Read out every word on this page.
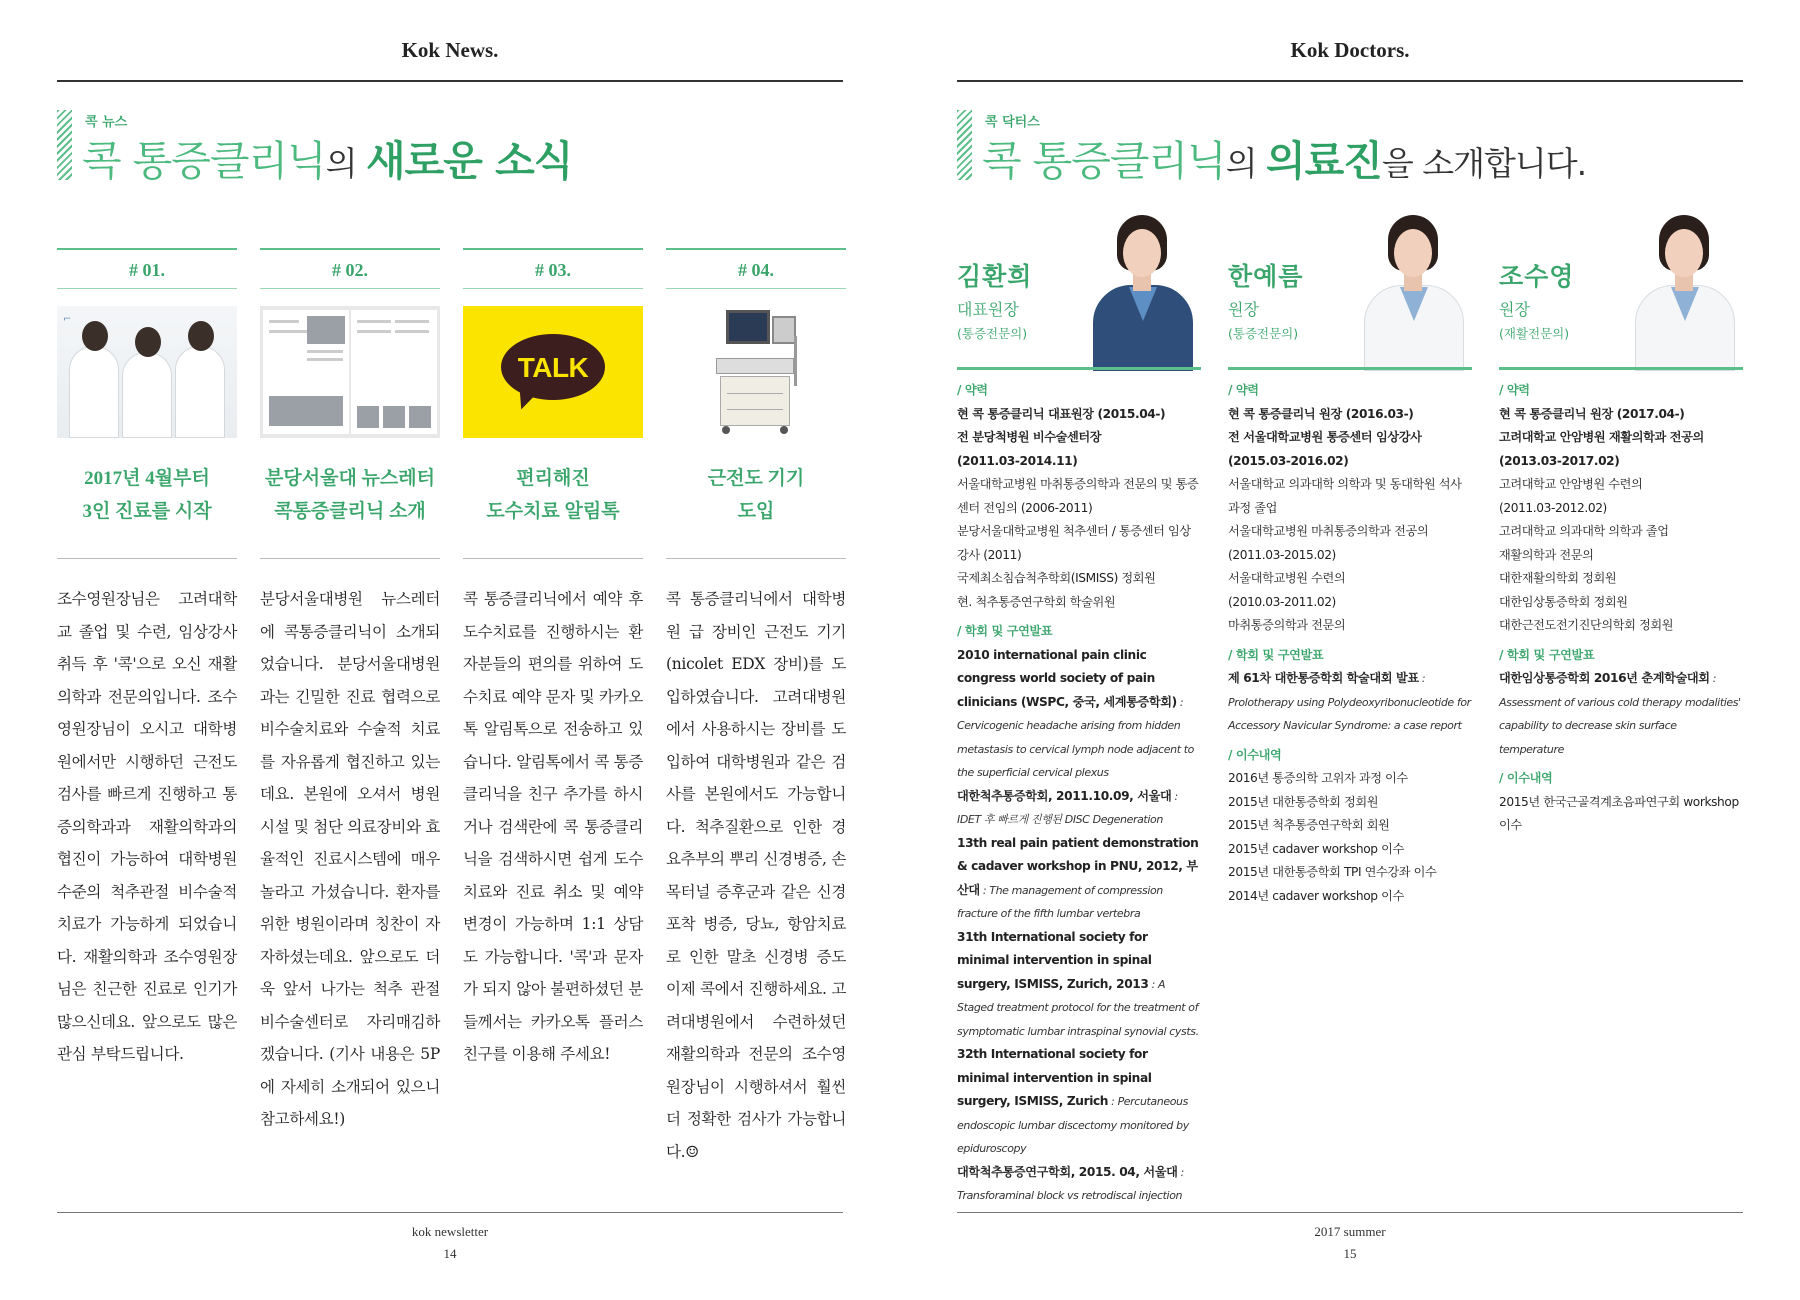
Kok News.
콕 뉴스
콕 통증클리닉의 새로운 소식
# 01.
⌐
2017년 4월부터
3인 진료를 시작
조수영원장님은 고려대학교 졸업 및 수련, 임상강사취득 후 '콕'으로 오신 재활의학과 전문의입니다. 조수영원장님이 오시고 대학병원에서만 시행하던 근전도검사를 빠르게 진행하고 통증의학과과 재활의학과의 협진이 가능하여 대학병원 수준의 척추관절 비수술적 치료가 가능하게 되었습니다. 재활의학과 조수영원장님은 친근한 진료로 인기가 많으신데요. 앞으로도 많은 관심 부탁드립니다.
# 02.
분당서울대 뉴스레터
콕통증클리닉 소개
분당서울대병원 뉴스레터에 콕통증클리닉이 소개되었습니다. 분당서울대병원과는 긴밀한 진료 협력으로 비수술치료와 수술적 치료를 자유롭게 협진하고 있는데요. 본원에 오셔서 병원 시설 및 첨단 의료장비와 효율적인 진료시스템에 매우 놀라고 가셨습니다. 환자를 위한 병원이라며 칭찬이 자자하셨는데요. 앞으로도 더욱 앞서 나가는 척추 관절 비수술센터로 자리매김하겠습니다. (기사 내용은 5P에 자세히 소개되어 있으니 참고하세요!)
# 03.
TALK
편리해진
도수치료 알림톡
콕 통증클리닉에서 예약 후 도수치료를 진행하시는 환자분들의 편의를 위하여 도수치료 예약 문자 및 카카오톡 알림톡으로 전송하고 있습니다. 알림톡에서 콕 통증클리닉을 친구 추가를 하시거나 검색란에 콕 통증클리닉을 검색하시면 쉽게 도수치료와 진료 취소 및 예약 변경이 가능하며 1:1 상담도 가능합니다. '콕'과 문자가 되지 않아 불편하셨던 분들께서는 카카오톡 플러스친구를 이용해 주세요!
# 04.
근전도 기기
도입
콕 통증클리닉에서 대학병원 급 장비인 근전도 기기(nicolet EDX 장비)를 도입하였습니다. 고려대병원에서 사용하시는 장비를 도입하여 대학병원과 같은 검사를 본원에서도 가능합니다. 척추질환으로 인한 경 요추부의 뿌리 신경병증, 손목터널 증후군과 같은 신경 포착 병증, 당뇨, 항암치료로 인한 말초 신경병 증도 이제 콕에서 진행하세요. 고려대병원에서 수련하셨던 재활의학과 전문의 조수영 원장님이 시행하셔서 훨씬 더 정확한 검사가 가능합니다.☺
kok newsletter
14
Kok Doctors.
콕 닥터스
콕 통증클리닉의 의료진을 소개합니다.
김환희
대표원장
(통증전문의)
/ 약력
현 콕 통증클리닉 대표원장 (2015.04-)
전 분당척병원 비수술센터장
(2011.03-2014.11)
서울대학교병원 마취통증의학과 전문의 및 통증센터 전임의 (2006-2011)
분당서울대학교병원 척추센터 / 통증센터 임상강사 (2011)
국제최소침습척추학회(ISMISS) 정회원
현. 척추통증연구학회 학술위원
/ 학회 및 구연발표
2010 international pain clinic congress world society of pain clinicians (WSPC, 중국, 세계통증학회) : Cervicogenic headache arising from hidden metastasis to cervical lymph node adjacent to the superficial cervical plexus
대한척추통증학회, 2011.10.09, 서울대 : IDET 후 빠르게 진행된 DISC Degeneration
13th real pain patient demonstration & cadaver workshop in PNU, 2012, 부산대 : The management of compression fracture of the fifth lumbar vertebra
31th International society for minimal intervention in spinal surgery, ISMISS, Zurich, 2013 : A Staged treatment protocol for the treatment of symptomatic lumbar intraspinal synovial cysts.
32th International society for minimal intervention in spinal surgery, ISMISS, Zurich : Percutaneous endoscopic lumbar discectomy monitored by epiduroscopy
대학척추통증연구학회, 2015. 04, 서울대 : Transforaminal block vs retrodiscal injection
한예름
원장
(통증전문의)
/ 약력
현 콕 통증클리닉 원장 (2016.03-)
전 서울대학교병원 통증센터 임상강사
(2015.03-2016.02)
서울대학교 의과대학 의학과 및 동대학원 석사과정 졸업
서울대학교병원 마취통증의학과 전공의 (2011.03-2015.02)
서울대학교병원 수련의
(2010.03-2011.02)
마취통증의학과 전문의
/ 학회 및 구연발표
제 61차 대한통증학회 학술대회 발표 : Prolotherapy using Polydeoxyribonucleotide for Accessory Navicular Syndrome: a case report
/ 이수내역
2016년 통증의학 고위자 과정 이수
2015년 대한통증학회 정회원
2015년 척추통증연구학회 회원
2015년 cadaver workshop 이수
2015년 대한통증학회 TPI 연수강좌 이수
2014년 cadaver workshop 이수
조수영
원장
(재활전문의)
/ 약력
현 콕 통증클리닉 원장 (2017.04-)
고려대학교 안암병원 재활의학과 전공의
(2013.03-2017.02)
고려대학교 안암병원 수련의
(2011.03-2012.02)
고려대학교 의과대학 의학과 졸업
재활의학과 전문의
대한재활의학회 정회원
대한임상통증학회 정회원
대한근전도전기진단의학회 정회원
/ 학회 및 구연발표
대한임상통증학회 2016년 춘계학술대회 : Assessment of various cold therapy modalities' capability to decrease skin surface temperature
/ 이수내역
2015년 한국근골격계초음파연구회 workshop 이수
2017 summer
15
